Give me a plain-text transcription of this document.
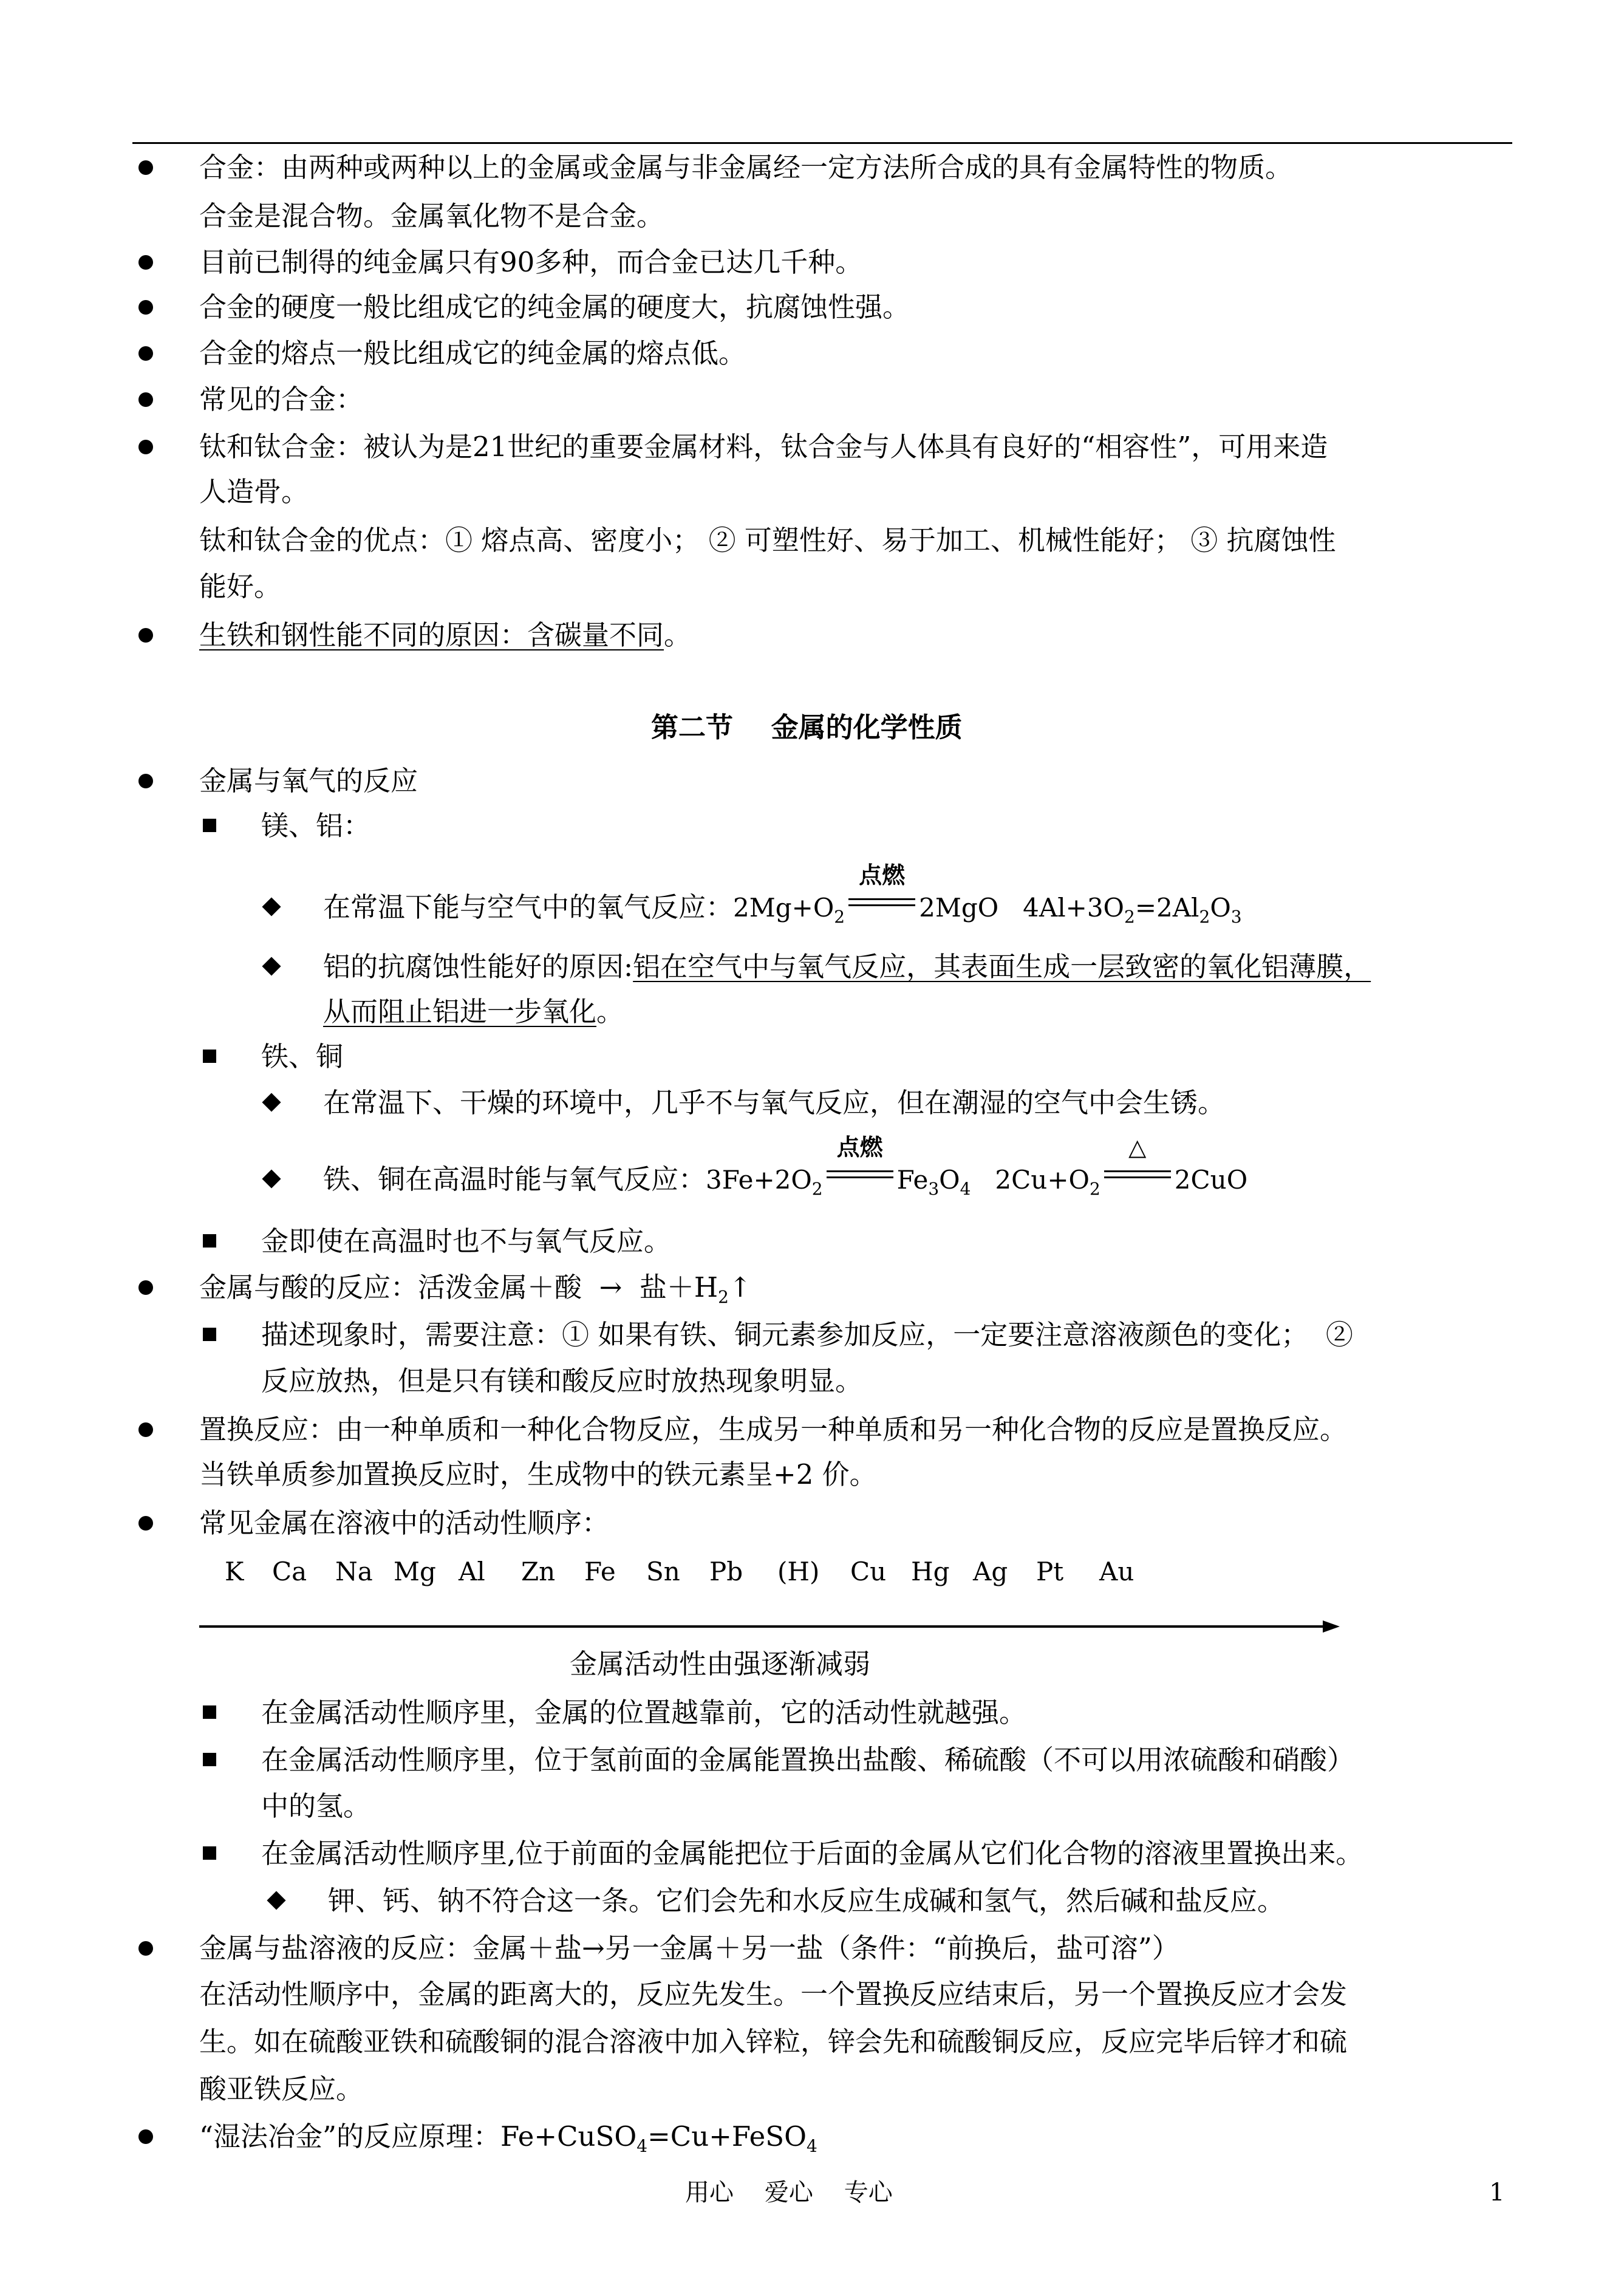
合金：由两种或两种以上的金属或金属与非金属经一定方法所合成的具有金属特性的物质。
合金是混合物。金属氧化物不是合金。
目前已制得的纯金属只有90多种，而合金已达几千种。
合金的硬度一般比组成它的纯金属的硬度大，抗腐蚀性强。
合金的熔点一般比组成它的纯金属的熔点低。
常见的合金：
钛和钛合金：被认为是21世纪的重要金属材料，钛合金与人体具有良好的“相容性”，可用来造
人造骨。
钛和钛合金的优点：① 熔点高、密度小； ② 可塑性好、易于加工、机械性能好； ③ 抗腐蚀性
能好。
生铁和钢性能不同的原因：含碳量不同。
第二节    金属的化学性质
金属与氧气的反应
镁、铝：
在常温下能与空气中的氧气反应：$2Mg+O_2$
点燃
2MgO $4Al+3O_2=2Al_2O_3$
铝的抗腐蚀性能好的原因:铝在空气中与氧气反应，其表面生成一层致密的氧化铝薄膜，
从而阻止铝进一步氧化。
铁、铜
在常温下、干燥的环境中，几乎不与氧气反应，但在潮湿的空气中会生锈。
铁、铜在高温时能与氧气反应：$3Fe+2O_2$
点燃
$Fe_3O_4$ $2Cu+O_2$
△
2CuO
金即使在高温时也不与氧气反应。
金属与酸的反应：活泼金属＋酸  →  盐$+H_2↑$
描述现象时，需要注意：① 如果有铁、铜元素参加反应，一定要注意溶液颜色的变化；  ②
反应放热，但是只有镁和酸反应时放热现象明显。
置换反应：由一种单质和一种化合物反应，生成另一种单质和另一种化合物的反应是置换反应。
当铁单质参加置换反应时，生成物中的铁元素呈+2 价。
常见金属在溶液中的活动性顺序：
K Ca Na Mg Al Zn Fe Sn Pb (H) Cu Hg Ag Pt Au
金属活动性由强逐渐减弱
在金属活动性顺序里，金属的位置越靠前，它的活动性就越强。
在金属活动性顺序里，位于氢前面的金属能置换出盐酸、稀硫酸（不可以用浓硫酸和硝酸）
中的氢。
在金属活动性顺序里,位于前面的金属能把位于后面的金属从它们化合物的溶液里置换出来。
钾、钙、钠不符合这一条。它们会先和水反应生成碱和氢气，然后碱和盐反应。
金属与盐溶液的反应：金属＋盐→另一金属＋另一盐（条件：“前换后，盐可溶”）
在活动性顺序中，金属的距离大的，反应先发生。一个置换反应结束后，另一个置换反应才会发
生。如在硫酸亚铁和硫酸铜的混合溶液中加入锌粒，锌会先和硫酸铜反应，反应完毕后锌才和硫
酸亚铁反应。
“湿法冶金”的反应原理：Fe+CuSO$_4$=Cu+FeSO$_4$
用心    爱心    专心	1
